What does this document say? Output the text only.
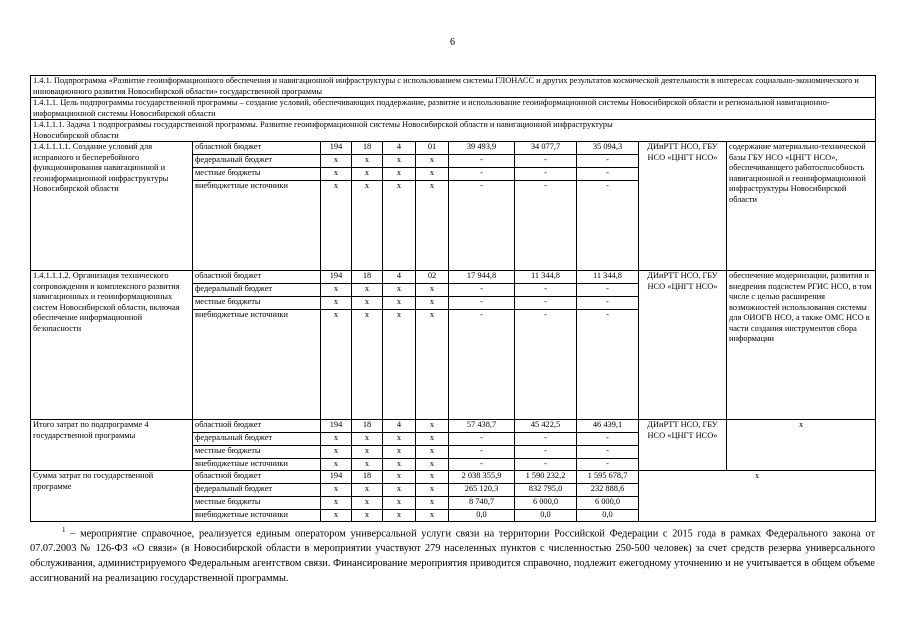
6
1.4.1. Подпрограмма «Развитие геоинформационного обеспечения и навигационной инфраструктуры с использованием системы ГЛОНАСС и других результатов космической деятельности в интересах социально-экономического и инновационного развития Новосибирской области» государственной программы										
1.4.1.1. Цель подпрограммы государственной программы – создание условий, обеспечивающих поддержание, развитие и использование геоинформационной системы Новосибирской области и региональной навигационно-информационной системы Новосибирской области										
1.4.1.1.1. Задача 1 подпрограммы государственной программы. Развитие геоинформационной системы Новосибирской области и навигационной инфраструктуры Новосибирской области										
1.4.1.1.1.1. Создание условий для исправного и бесперебойного функционирования навигационной и геоинформационной инфраструктуры Новосибирской области	областной бюджет	194	18	4	01	39 493,9	34 077,7	35 094,3	ДИиРТТ НСО, ГБУ НСО «ЦНГТ НСО»	содержание материально-технической базы ГБУ НСО «ЦНГТ НСО», обеспечивающего работоспособность навигационной и геоинформационной инфраструктуры Новосибирской области
	федеральный бюджет	x	x	x	x	-	-	-		
	местные бюджеты	x	x	x	x	-	-	-		
	внебюджетные источники	x	x	x	x	-	-	-		
1.4.1.1.1.2. Организация технического сопровождения и комплексного развития навигационных и геоинформационных систем Новосибирской области, включая обеспечение информационной безопасности	областной бюджет	194	18	4	02	17 944,8	11 344,8	11 344,8	ДИиРТТ НСО, ГБУ НСО «ЦНГТ НСО»	обеспечение модернизации, развития и внедрения подсистем РГИС НСО, в том числе с целью расширения возможностей использования системы для ОИОГВ НСО, а также ОМС НСО в части создания инструментов сбора информации
	федеральный бюджет	x	x	x	x	-	-	-		
	местные бюджеты	x	x	x	x	-	-	-		
	внебюджетные источники	x	x	x	x	-	-	-		
Итого затрат по подпрограмме 4 государственной программы	областной бюджет	194	18	4	x	57 438,7	45 422,5	46 439,1	ДИиРТТ НСО, ГБУ НСО «ЦНГТ НСО»	x
	федеральный бюджет	x	x	x	x	-	-	-		
	местные бюджеты	x	x	x	x	-	-	-		
	внебюджетные источники	x	x	x	x	-	-	-		
Сумма затрат по государственной программе	областной бюджет	194	18	x	x	2 038 355,9	1 590 232,2	1 595 678,7	x	
	федеральный бюджет	x	x	x	x	265 120,3	832 795,0	232 888,6		
	местные бюджеты	x	x	x	x	8 740,7	6 000,0	6 000,0		
	внебюджетные источники	x	x	x	x	0,0	0,0	0,0		
$^1$ – мероприятие справочное, реализуется единым оператором универсальной услуги связи на территории Российской Федерации с 2015 года в рамках Федерального закона от 07.07.2003 № 126-ФЗ «О связи» (в Новосибирской области в мероприятии участвуют 279 населенных пунктов с численностью 250-500 человек) за счет средств резерва универсального обслуживания, администрируемого Федеральным агентством связи. Финансирование мероприятия приводится справочно, подлежит ежегодному уточнению и не учитывается в общем объеме ассигнований на реализацию государственной программы.
